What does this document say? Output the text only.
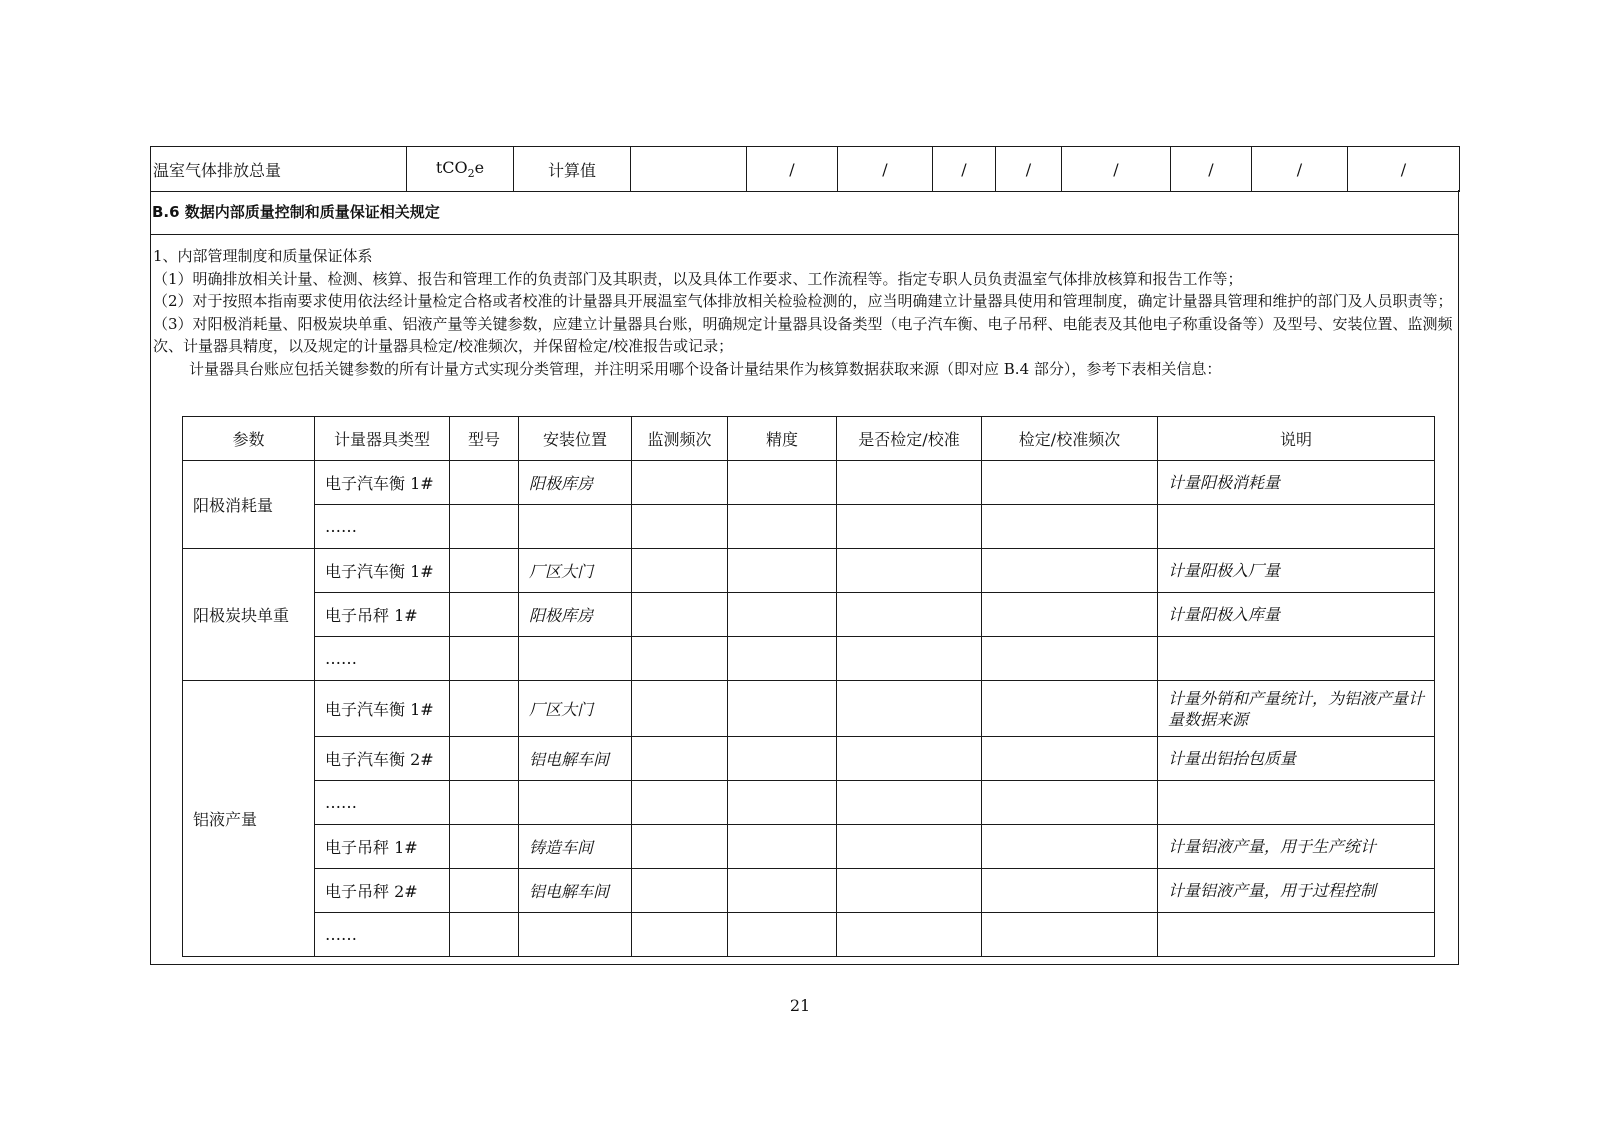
温室气体排放总量	tCO$_2$e	计算值		/	/	/	/	/	/	/	/
B.6 数据内部质量控制和质量保证相关规定

1、内部管理制度和质量保证体系

（1）明确排放相关计量、检测、核算、报告和管理工作的负责部门及其职责，以及具体工作要求、工作流程等。指定专职人员负责温室气体排放核算和报告工作等；

（2）对于按照本指南要求使用依法经计量检定合格或者校准的计量器具开展温室气体排放相关检验检测的，应当明确建立计量器具使用和管理制度，确定计量器具管理和维护的部门及人员职责等；

（3）对阳极消耗量、阳极炭块单重、铝液产量等关键参数，应建立计量器具台账，明确规定计量器具设备类型（电子汽车衡、电子吊秤、电能表及其他电子称重设备等）及型号、安装位置、监测频次、计量器具精度，以及规定的计量器具检定/校准频次，并保留检定/校准报告或记录；

计量器具台账应包括关键参数的所有计量方式实现分类管理，并注明采用哪个设备计量结果作为核算数据获取来源（即对应 B.4 部分），参考下表相关信息：

参数	计量器具类型	型号	安装位置	监测频次	精度	是否检定/校准	检定/校准频次	说明
阳极消耗量	电子汽车衡 1#		阳极库房					计量阳极消耗量
	……							
阳极炭块单重	电子汽车衡 1#		厂区大门					计量阳极入厂量
	电子吊秤 1#		阳极库房					计量阳极入库量
	……							
铝液产量	电子汽车衡 1#		厂区大门					计量外销和产量统计，为铝液产量计量数据来源
	电子汽车衡 2#		铝电解车间					计量出铝抬包质量
	……							
	电子吊秤 1#		铸造车间					计量铝液产量，用于生产统计
	电子吊秤 2#		铝电解车间					计量铝液产量，用于过程控制
	……							
21
